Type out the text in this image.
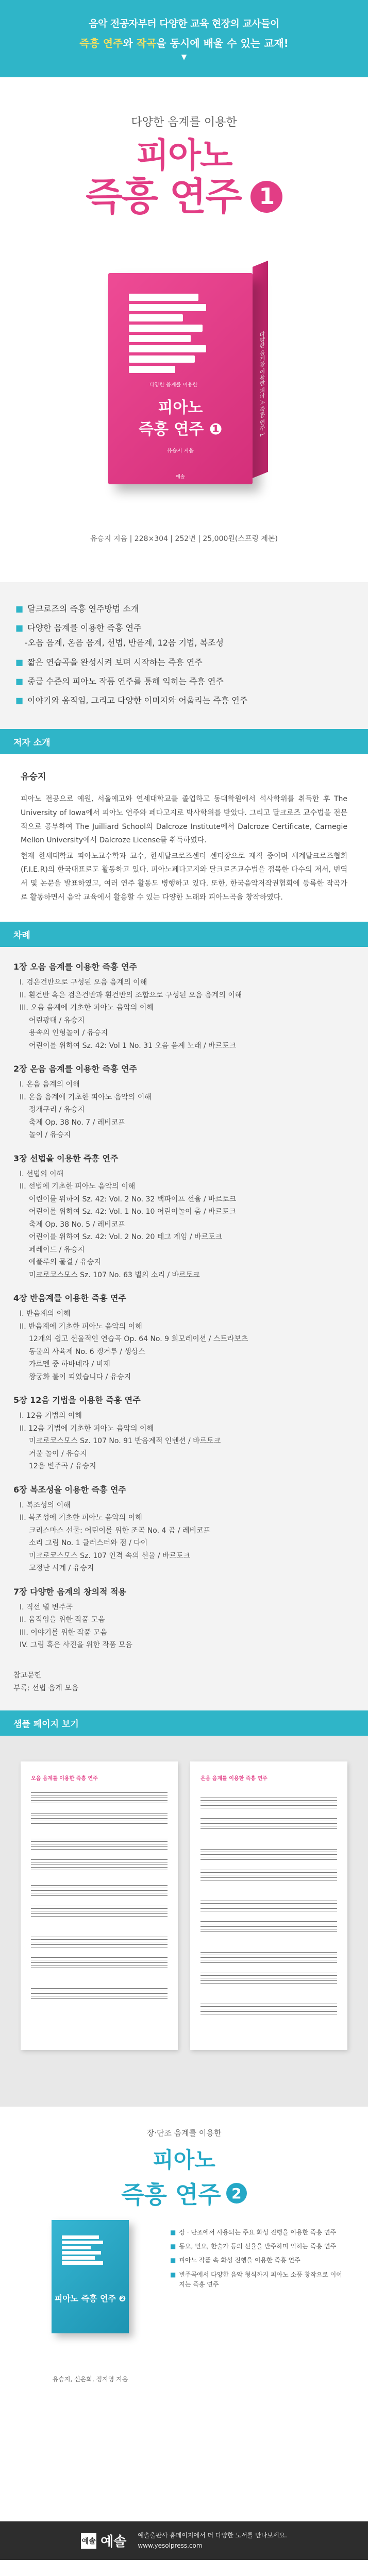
음악 전공자부터 다양한 교육 현장의 교사들이
즉흥 연주와 작곡을 동시에 배울 수 있는 교재!
▼
다양한 음계를 이용한
피아노
즉흥 연주 1
다양한 음계를 이용한 피아노 즉흥 연주 1
다양한 음계를 이용한
피아노
즉흥 연주 ❶
유승지 지음
예솔
유승지 지음 | 228×304 | 252면 | 25,000원(스프링 제본)
■ 달크로즈의 즉흥 연주방법 소개
■ 다양한 음계를 이용한 즉흥 연주
-오음 음계, 온음 음계, 선법, 반음계, 12음 기법, 복조성
■ 짧은 연습곡을 완성시켜 보며 시작하는 즉흥 연주
■ 중급 수준의 피아노 작품 연주를 통해 익히는 즉흥 연주
■ 이야기와 움직임, 그리고 다양한 이미지와 어울리는 즉흥 연주
저자 소개
유승지

피아노 전공으로 예원, 서울예고와 연세대학교를 졸업하고 동대학원에서 석사학위를 취득한 후 The University of Iowa에서 피아노 연주와 페다고지로 박사학위를 받았다. 그리고 달크로즈 교수법을 전문적으로 공부하여 The Juilliard School의 Dalcroze Institute에서 Dalcroze Certificate, Carnegie Mellon University에서 Dalcroze License를 취득하였다.

현재 한세대학교 피아노교수학과 교수, 한세달크로즈센터 센터장으로 재직 중이며 세계달크로즈협회(F.I.E.R)의 한국대표로도 활동하고 있다. 피아노페다고지와 달크로즈교수법을 접목한 다수의 저서, 번역서 및 논문을 발표하였고, 여러 연주 활동도 병행하고 있다. 또한, 한국음악저작권협회에 등록한 작곡가로 활동하면서 음악 교육에서 활용할 수 있는 다양한 노래와 피아노곡을 창작하였다.

차례
1장 오음 음계를 이용한 즉흥 연주
I. 검은건반으로 구성된 오음 음계의 이해
II. 흰건반 혹은 검은건반과 흰건반의 조합으로 구성된 오음 음계의 이해
III. 오음 음계에 기초한 피아노 음악의 이해
어린광대 / 유승지
용속의 인형놀이 / 유승지
어린이를 위하여 Sz. 42: Vol 1 No. 31 오음 음계 노래 / 바르토크
2장 온음 음계를 이용한 즉흥 연주
I. 온음 음계의 이해
II. 온음 음계에 기초한 피아노 음악의 이해
정개구리 / 유승지
축제 Op. 38 No. 7 / 레비코프
놀이 / 유승지
3장 선법을 이용한 즉흥 연주
I. 선법의 이해
II. 선법에 기초한 피아노 음악의 이해
어린이를 위하여 Sz. 42: Vol. 2 No. 32 백파이프 선율 / 바르토크
어린이를 위하여 Sz. 42: Vol. 1 No. 10 어린이놀이 춤 / 바르토크
축제 Op. 38 No. 5 / 레비코프
어린이를 위하여 Sz. 42: Vol. 2 No. 20 테그 게임 / 바르토크
페레이드 / 유승지
예플루의 물결 / 유승지
미크로코스모스 Sz. 107 No. 63 벌의 소리 / 바르토크
4장 반음계를 이용한 즉흥 연주
I. 반음계의 이해
II. 반음계에 기초한 피아노 음악의 이해
12개의 쉽고 선율적인 연습곡 Op. 64 No. 9 희모레이션 / 스트라보츠
동물의 사육제 No. 6 캥거루 / 생상스
카르멘 중 하바네라 / 비제
왕궁화 불이 피었습니다 / 유승지
5장 12음 기법을 이용한 즉흥 연주
I. 12음 기법의 이해
II. 12음 기법에 기초한 피아노 음악의 이해
미크로코스모스 Sz. 107 No. 91 반음계적 인벤션 / 바르토크
거울 놀이 / 유승지
12음 변주곡 / 유승지
6장 복조성을 이용한 즉흥 연주
I. 복조성의 이해
II. 복조성에 기초한 피아노 음악의 이해
크리스마스 선물: 어린이를 위한 조곡 No. 4 곰 / 레비코프
소리 그림 No. 1 클러스터와 점 / 다이
미크로코스모스 Sz. 107 인격 속의 선율 / 바르토크
고정난 시계 / 유승지
7장 다양한 음계의 창의적 적용
I. 직선 별 변주곡
II. 움직임을 위한 작품 모음
III. 이야기를 위한 작품 모음
IV. 그림 혹은 사진을 위한 작품 모음
참고문헌
부록: 선법 음계 모음
샘플 페이지 보기
오음 음계를 이용한 즉흥 연주	온음 음계를 이용한 즉흥 연주
장·단조 음계를 이용한
피아노
즉흥 연주 2
피아노 즉흥 연주 ❷
유승지, 신은희, 정지영 지음
■ 장 · 단조에서 사용되는 주요 화성 진행을 이용한 즉흥 연주
■ 동요, 민요, 한술가 등의 선율을 반주하며 익히는 즉흥 연주
■ 피아노 작품 속 화성 진행을 이용한 즉흥 연주
■ 변주곡에서 다양한 음악 형식까지 피아노 소품 창작으로 이어지는 즉흥 연주
예솔 예솔 예솔출판사 홈페이지에서 더 다양한 도서를 만나보세요.
www.yesolpress.com
